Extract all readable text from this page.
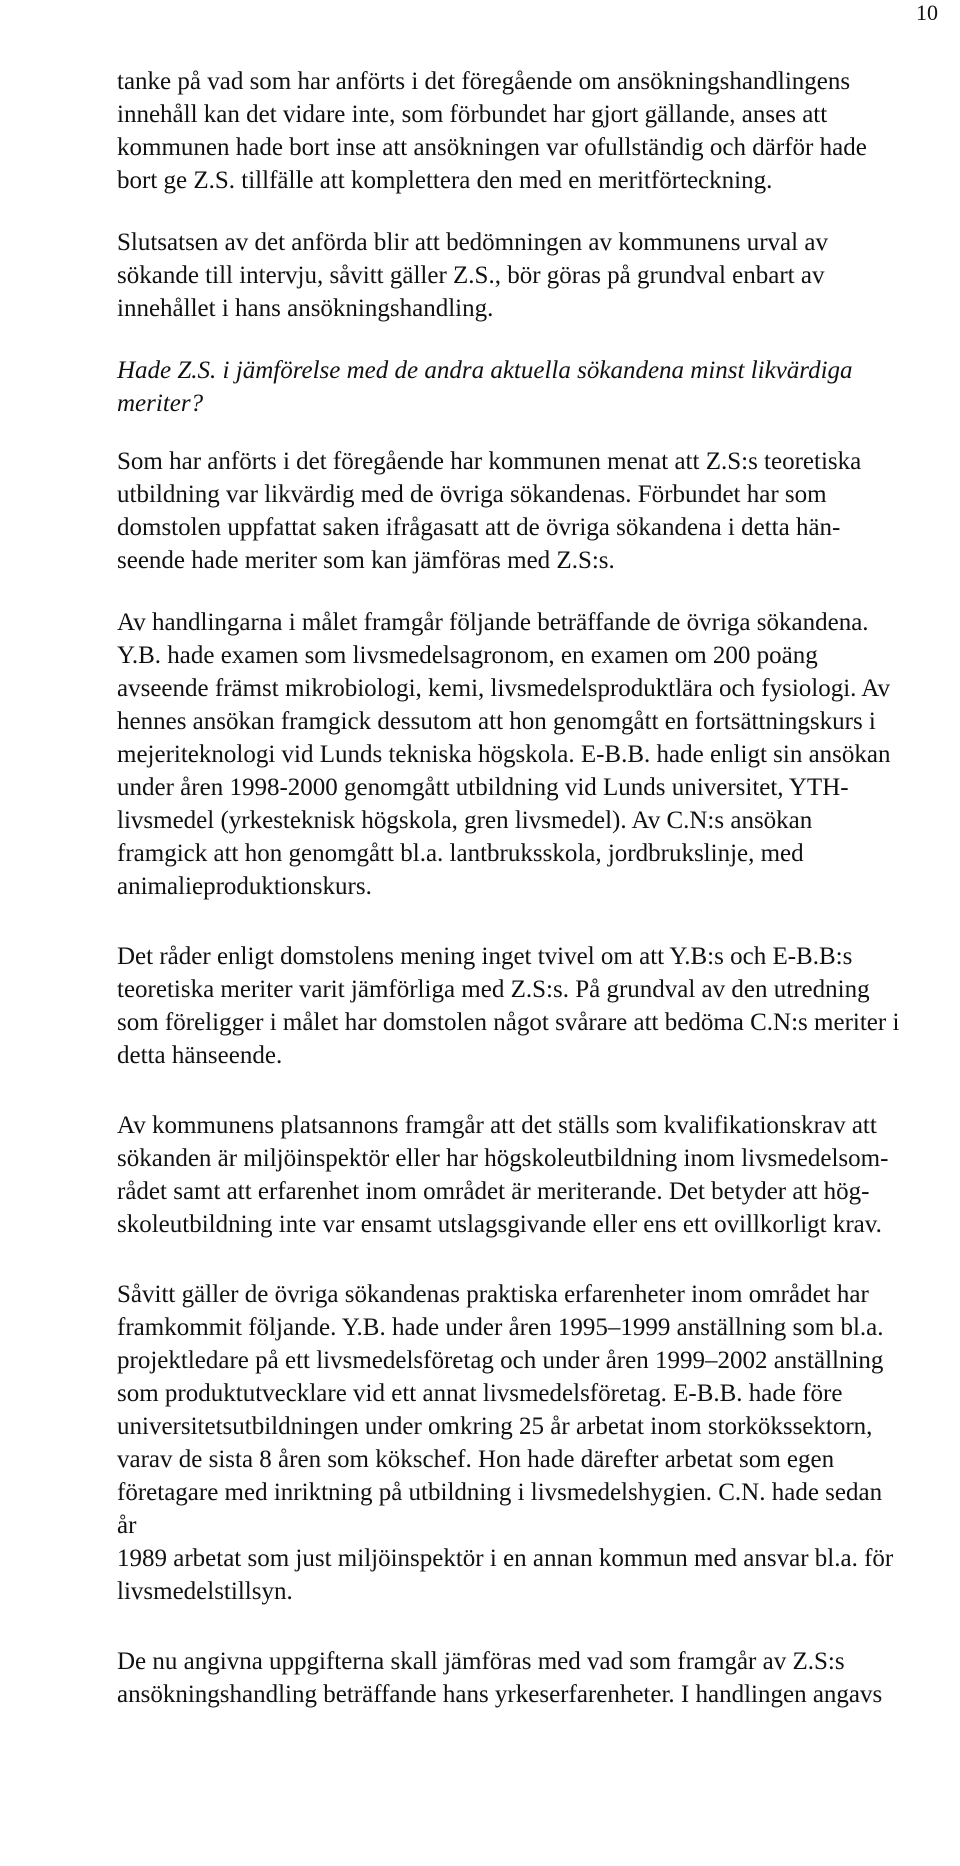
10

tanke på vad som har anförts i det föregående om ansökningshandlingens
innehåll kan det vidare inte, som förbundet har gjort gällande, anses att
kommunen hade bort inse att ansökningen var ofullständig och därför hade
bort ge Z.S. tillfälle att komplettera den med en meritförteckning.

Slutsatsen av det anförda blir att bedömningen av kommunens urval av
sökande till intervju, såvitt gäller Z.S., bör göras på grundval enbart av
innehållet i hans ansökningshandling.

Hade Z.S. i jämförelse med de andra aktuella sökandena minst likvärdiga
meriter?

Som har anförts i det föregående har kommunen menat att Z.S:s teoretiska
utbildning var likvärdig med de övriga sökandenas. Förbundet har som
domstolen uppfattat saken ifrågasatt att de övriga sökandena i detta hän-
seende hade meriter som kan jämföras med Z.S:s.

Av handlingarna i målet framgår följande beträffande de övriga sökandena.
Y.B. hade examen som livsmedelsagronom, en examen om 200 poäng
avseende främst mikrobiologi, kemi, livsmedelsproduktlära och fysiologi. Av
hennes ansökan framgick dessutom att hon genomgått en fortsättningskurs i
mejeriteknologi vid Lunds tekniska högskola. E-B.B. hade enligt sin ansökan
under åren 1998-2000 genomgått utbildning vid Lunds universitet, YTH-
livsmedel (yrkesteknisk högskola, gren livsmedel). Av C.N:s ansökan
framgick att hon genomgått bl.a. lantbruksskola, jordbrukslinje, med
animalieproduktionskurs.

Det råder enligt domstolens mening inget tvivel om att Y.B:s och E-B.B:s
teoretiska meriter varit jämförliga med Z.S:s. På grundval av den utredning
som föreligger i målet har domstolen något svårare att bedöma C.N:s meriter i
detta hänseende.

Av kommunens platsannons framgår att det ställs som kvalifikationskrav att
sökanden är miljöinspektör eller har högskoleutbildning inom livsmedelsom-
rådet samt att erfarenhet inom området är meriterande. Det betyder att hög-
skoleutbildning inte var ensamt utslagsgivande eller ens ett ovillkorligt krav.

Såvitt gäller de övriga sökandenas praktiska erfarenheter inom området har
framkommit följande. Y.B. hade under åren 1995–1999 anställning som bl.a.
projektledare på ett livsmedelsföretag och under åren 1999–2002 anställning
som produktutvecklare vid ett annat livsmedelsföretag. E-B.B. hade före
universitetsutbildningen under omkring 25 år arbetat inom storkökssektorn,
varav de sista 8 åren som kökschef. Hon hade därefter arbetat som egen
företagare med inriktning på utbildning i livsmedelshygien. C.N. hade sedan år
1989 arbetat som just miljöinspektör i en annan kommun med ansvar bl.a. för
livsmedelstillsyn.

De nu angivna uppgifterna skall jämföras med vad som framgår av Z.S:s
ansökningshandling beträffande hans yrkeserfarenheter. I handlingen angavs
